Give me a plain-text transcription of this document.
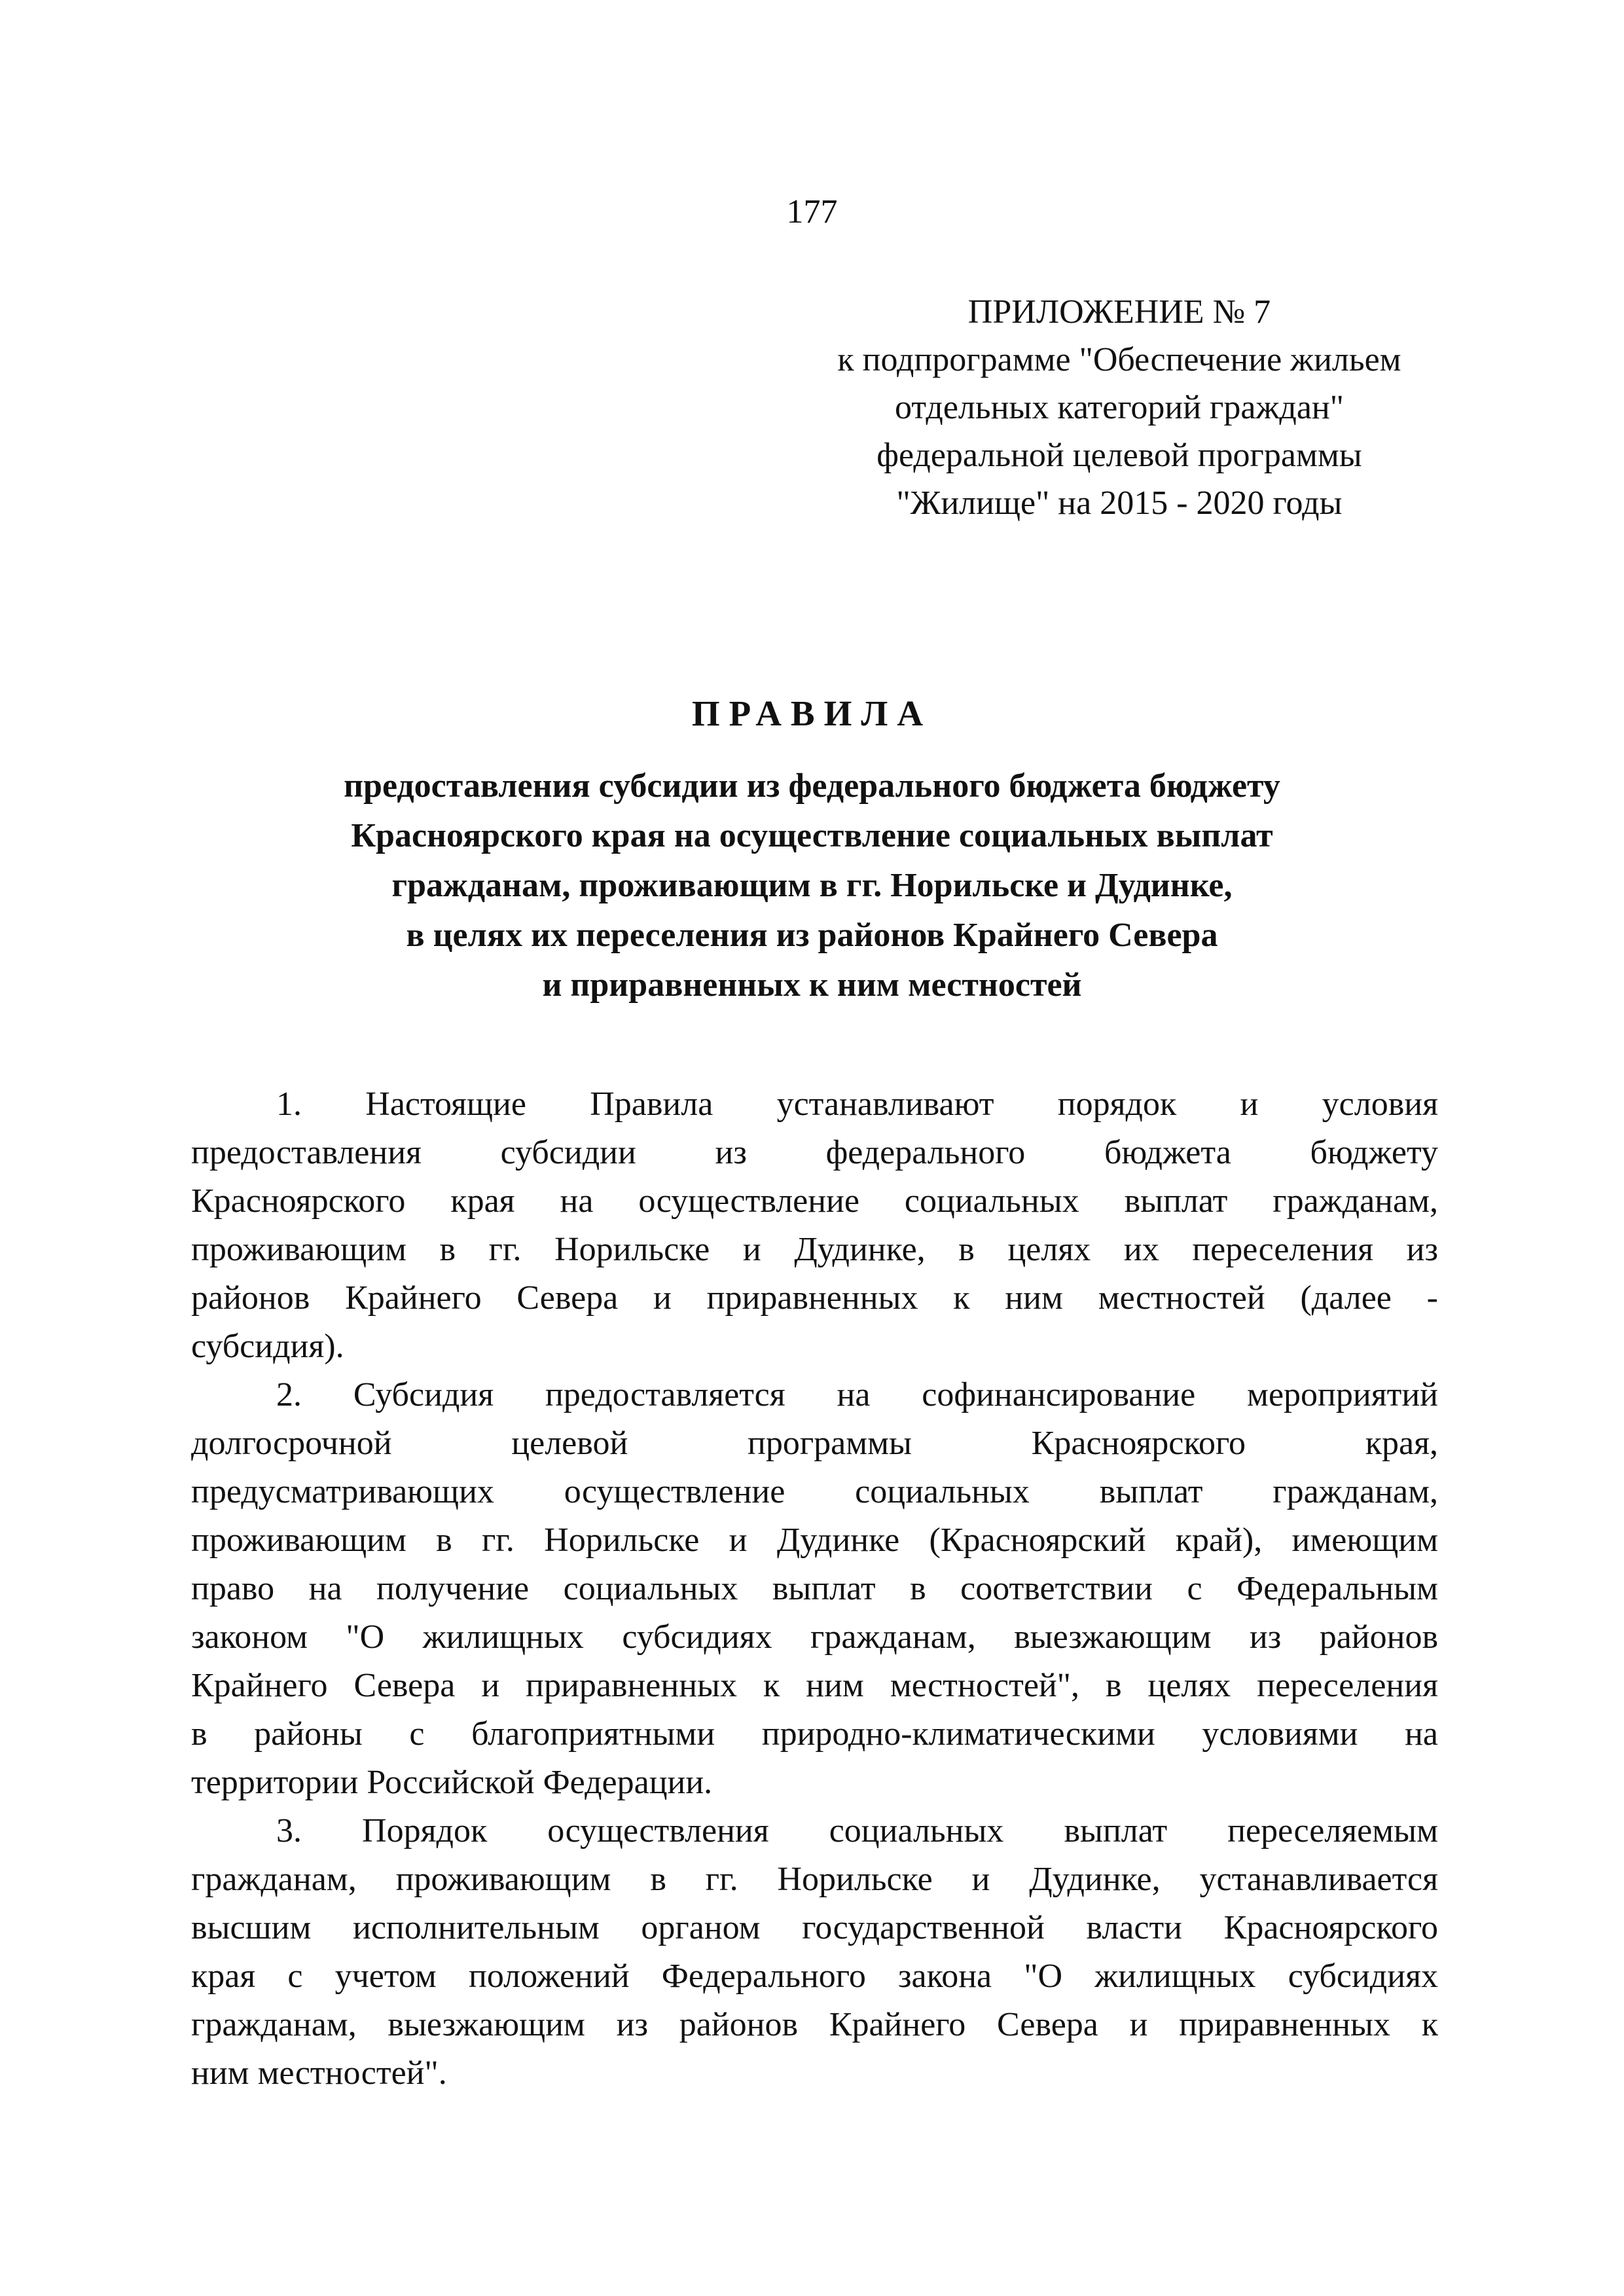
177
ПРИЛОЖЕНИЕ № 7
к подпрограмме "Обеспечение жильем
отдельных категорий граждан"
федеральной целевой программы
"Жилище" на 2015 - 2020 годы
ПРАВИЛА
предоставления субсидии из федерального бюджета бюджету
Красноярского края на осуществление социальных выплат
гражданам, проживающим в гг. Норильске и Дудинке,
в целях их переселения из районов Крайнего Севера
и приравненных к ним местностей
1. Настоящие Правила устанавливают порядок и условия
предоставления субсидии из федерального бюджета бюджету
Красноярского края на осуществление социальных выплат гражданам,
проживающим в гг. Норильске и Дудинке, в целях их переселения из
районов Крайнего Севера и приравненных к ним местностей (далее -
субсидия).
2. Субсидия предоставляется на софинансирование мероприятий
долгосрочной целевой программы Красноярского края,
предусматривающих осуществление социальных выплат гражданам,
проживающим в гг. Норильске и Дудинке (Красноярский край), имеющим
право на получение социальных выплат в соответствии с Федеральным
законом "О жилищных субсидиях гражданам, выезжающим из районов
Крайнего Севера и приравненных к ним местностей", в целях переселения
в районы с благоприятными природно-климатическими условиями на
территории Российской Федерации.
3. Порядок осуществления социальных выплат переселяемым
гражданам, проживающим в гг. Норильске и Дудинке, устанавливается
высшим исполнительным органом государственной власти Красноярского
края с учетом положений Федерального закона "О жилищных субсидиях
гражданам, выезжающим из районов Крайнего Севера и приравненных к
ним местностей".
